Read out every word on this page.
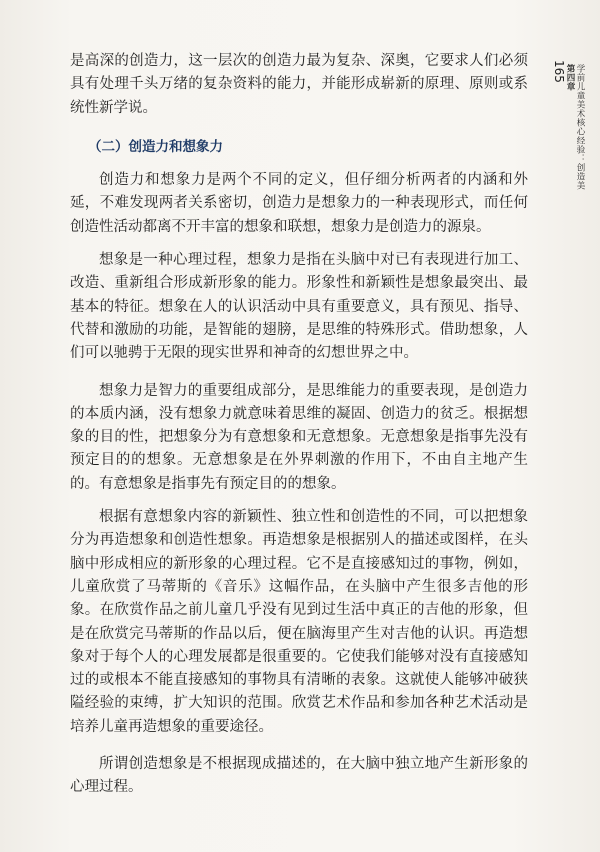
第四章 学前儿童美术核心经验：创造美
165

是高深的创造力，这一层次的创造力最为复杂、深奥，它要求人们必须具有处理千头万绪的复杂资料的能力，并能形成崭新的原理、原则或系统性新学说。

（二）创造力和想象力

创造力和想象力是两个不同的定义，但仔细分析两者的内涵和外延，不难发现两者关系密切，创造力是想象力的一种表现形式，而任何创造性活动都离不开丰富的想象和联想，想象力是创造力的源泉。

想象是一种心理过程，想象力是指在头脑中对已有表现进行加工、改造、重新组合形成新形象的能力。形象性和新颖性是想象最突出、最基本的特征。想象在人的认识活动中具有重要意义，具有预见、指导、代替和激励的功能，是智能的翅膀，是思维的特殊形式。借助想象，人们可以驰骋于无限的现实世界和神奇的幻想世界之中。

想象力是智力的重要组成部分，是思维能力的重要表现，是创造力的本质内涵，没有想象力就意味着思维的凝固、创造力的贫乏。根据想象的目的性，把想象分为有意想象和无意想象。无意想象是指事先没有预定目的的想象。无意想象是在外界刺激的作用下，不由自主地产生的。有意想象是指事先有预定目的的想象。

根据有意想象内容的新颖性、独立性和创造性的不同，可以把想象分为再造想象和创造性想象。再造想象是根据别人的描述或图样，在头脑中形成相应的新形象的心理过程。它不是直接感知过的事物，例如，儿童欣赏了马蒂斯的《音乐》这幅作品，在头脑中产生很多吉他的形象。在欣赏作品之前儿童几乎没有见到过生活中真正的吉他的形象，但是在欣赏完马蒂斯的作品以后，便在脑海里产生对吉他的认识。再造想象对于每个人的心理发展都是很重要的。它使我们能够对没有直接感知过的或根本不能直接感知的事物具有清晰的表象。这就使人能够冲破狭隘经验的束缚，扩大知识的范围。欣赏艺术作品和参加各种艺术活动是培养儿童再造想象的重要途径。

所谓创造想象是不根据现成描述的，在大脑中独立地产生新形象的心理过程。
